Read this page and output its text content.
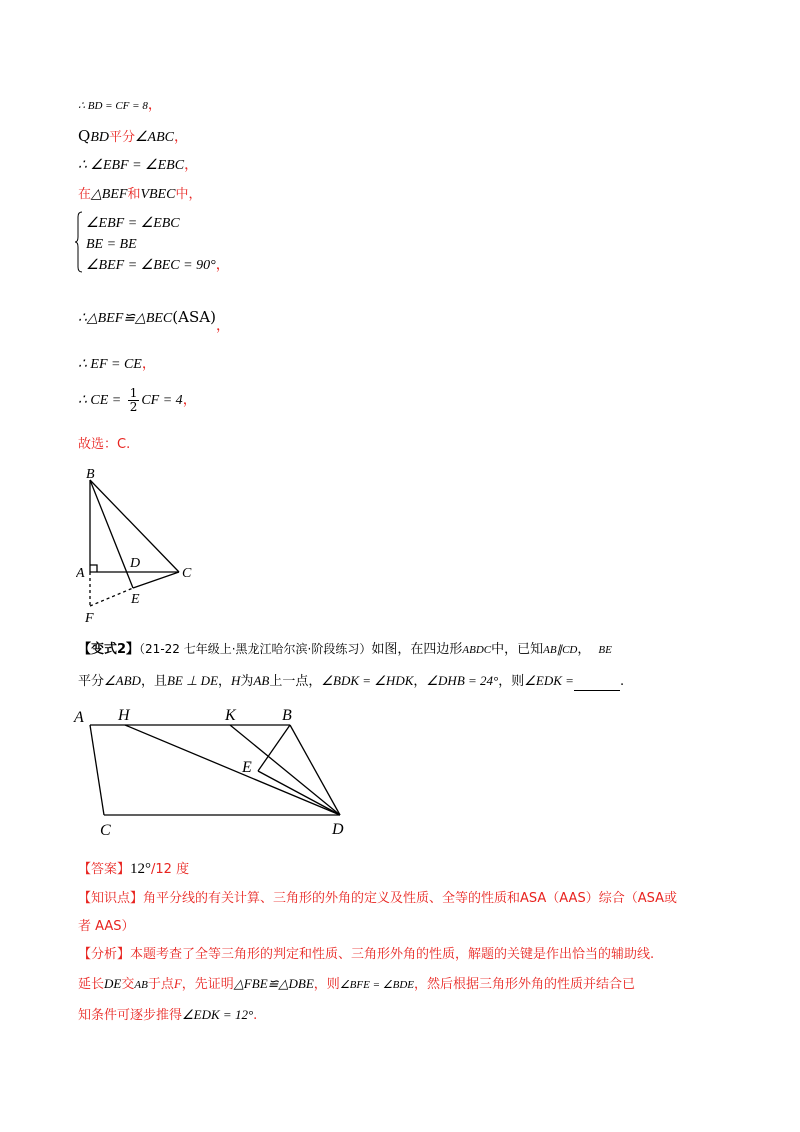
∴ BD = CF = 8，
QBD平分∠ABC，
∴ ∠EBF = ∠EBC，
在△BEF和VBEC中，
∠EBF = ∠EBC
BE = BE
∠BEF = ∠BEC = 90°，
∴△BEF≌△BEC(ASA)，
∴ EF = CE，
∴ CE = $\frac{1}{2}$ CF = 4，
故选：C.
B
A
D
C
E
F
【变式2】（21-22 七年级上·黑龙江哈尔滨·阶段练习）如图，在四边形ABDC中，已知AB∥CD， BE
平分∠ABD，且BE ⊥ DE，H为AB上一点，∠BDK = ∠HDK，∠DHB = 24°，则∠EDK =	.
A H	K	B
E
C	D
【答案】12°/12 度
【知识点】角平分线的有关计算、三角形的外角的定义及性质、全等的性质和ASA（AAS）综合（ASA或
者 AAS）
【分析】本题考查了全等三角形的判定和性质、三角形外角的性质，解题的关键是作出恰当的辅助线.
延长DE交AB于点F，先证明△FBE≌△DBE，则∠BFE = ∠BDE，然后根据三角形外角的性质并结合已
知条件可逐步推得∠EDK = 12°.
